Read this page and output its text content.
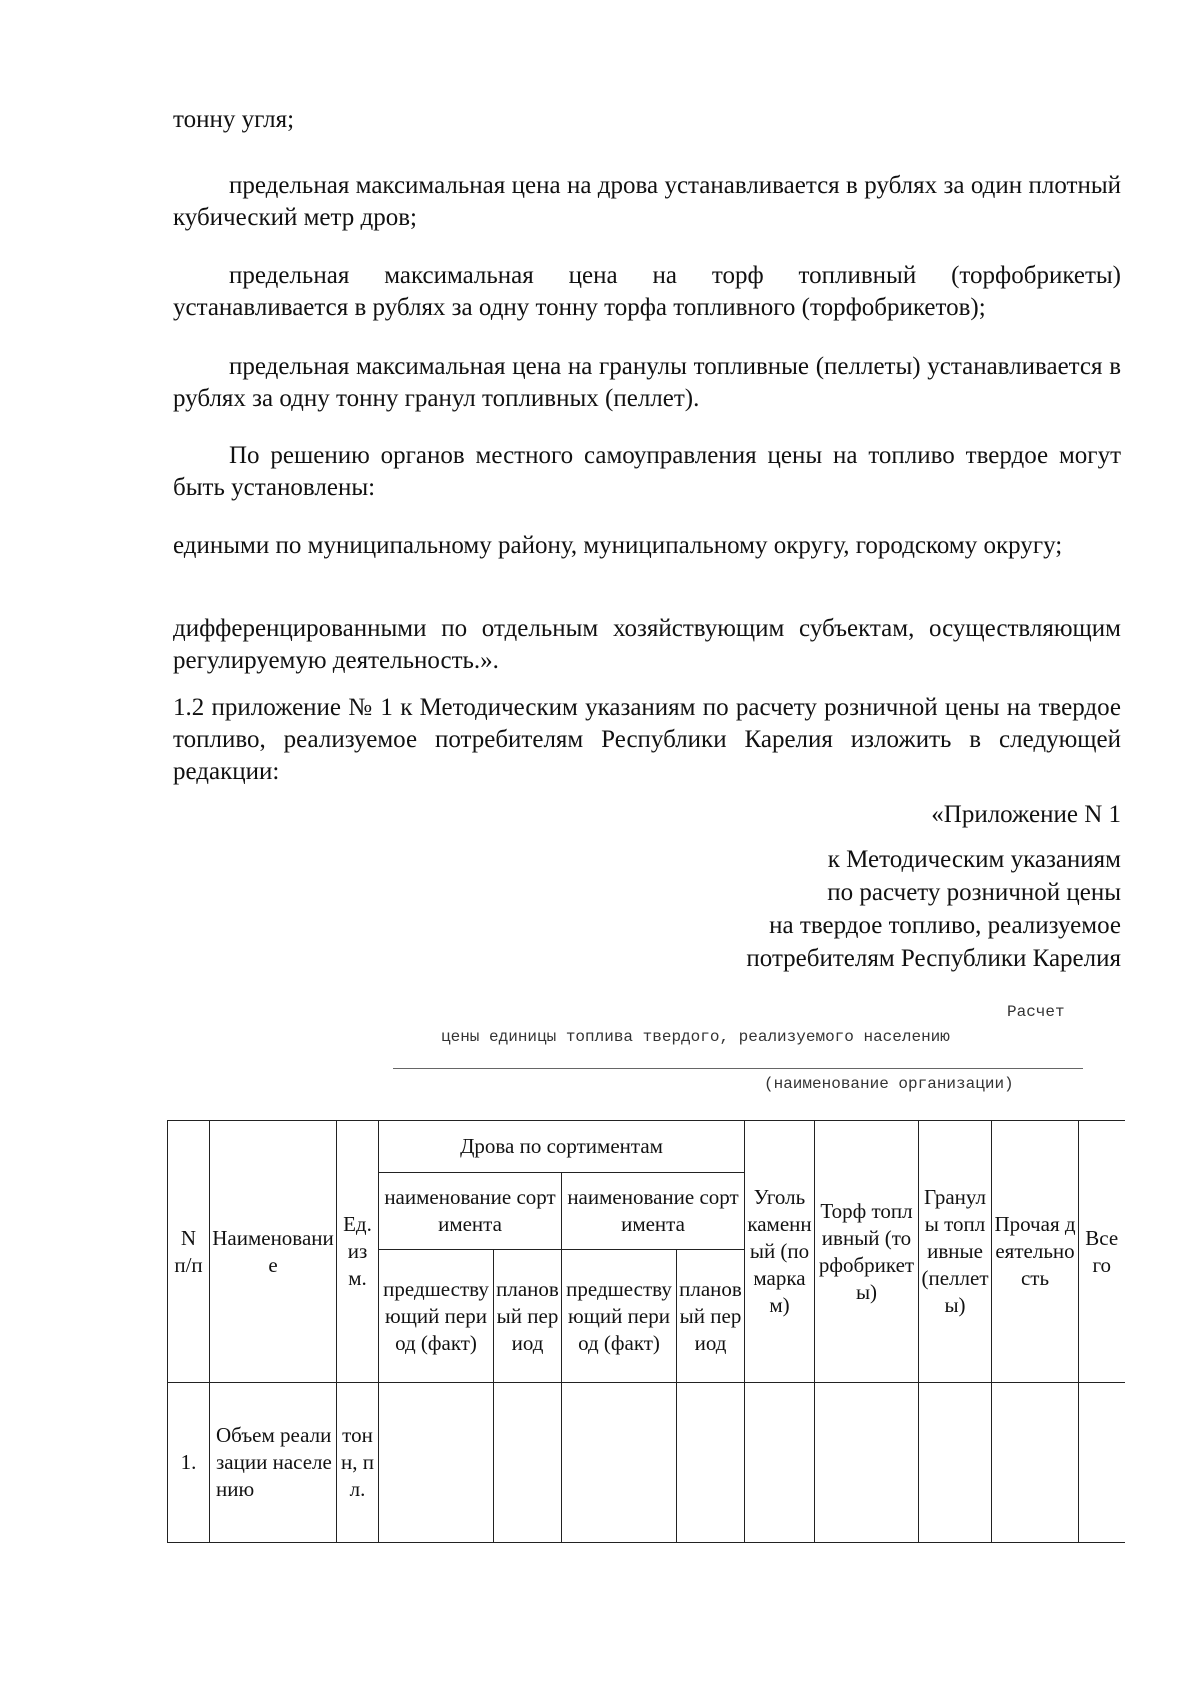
тонну угля;

предельная максимальная цена на дрова устанавливается в рублях за один плотный кубический метр дров;

предельная максимальная цена на торф топливный (торфобрикеты) устанавливается в рублях за одну тонну торфа топливного (торфобрикетов);

предельная максимальная цена на гранулы топливные (пеллеты) устанавливается в рублях за одну тонну гранул топливных (пеллет).

По решению органов местного самоуправления цены на топливо твердое могут быть установлены:

едиными по муниципальному району, муниципальному округу, городскому округу;

дифференцированными по отдельным хозяйствующим субъектам, осуществляющим регулируемую деятельность.».

1.2 приложение № 1 к Методическим указаниям по расчету розничной цены на твердое топливо, реализуемое потребителям Республики Карелия изложить в следующей редакции:

«Приложение N 1
к Методическим указаниям
по расчету розничной цены
на твердое топливо, реализуемое
потребителям Республики Карелия
Расчет
цены единицы топлива твердого, реализуемого населению
(наименование организации)
N п/п	Наименование	Ед. изм.	Дрова по сортиментам				Уголь каменный (по маркам)	Торф топливный (торфобрикеты)	Гранулы топливные (пеллеты)	Прочая деятельность	Всего
			наименование сортимента		наименование сортимента						
			предшествующий период (факт)	плановый период	предшествующий период (факт)	плановый период					
1.	Объем реализации населению	тонн, пл.									
